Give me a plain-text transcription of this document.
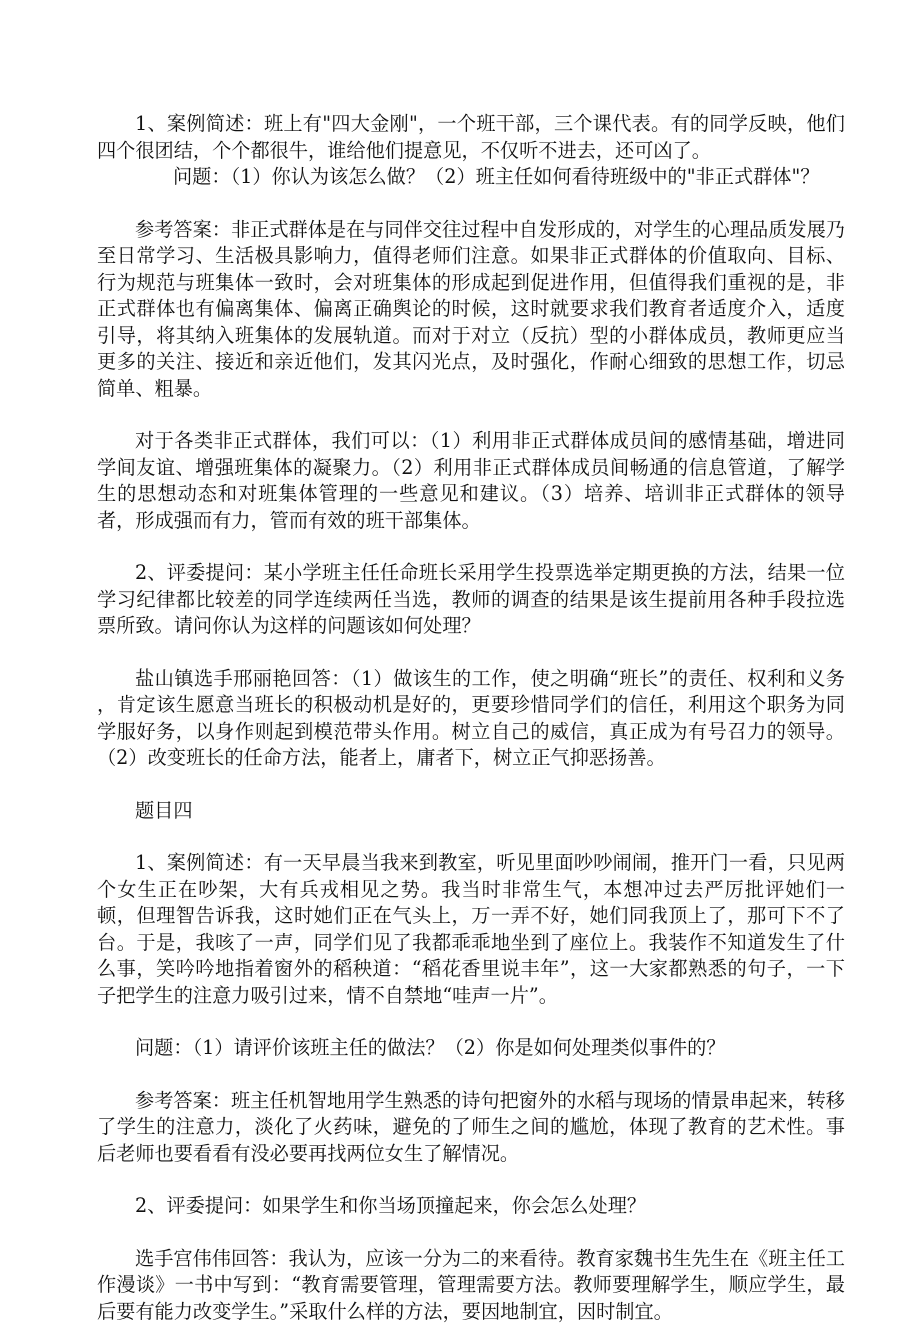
1、案例简述：班上有"四大金刚"，一个班干部，三个课代表。有的同学反映，他们四个很团结，个个都很牛，谁给他们提意见，不仅听不进去，还可凶了。

问题：（1）你认为该怎么做？（2）班主任如何看待班级中的"非正式群体"？

参考答案：非正式群体是在与同伴交往过程中自发形成的，对学生的心理品质发展乃至日常学习、生活极具影响力，值得老师们注意。如果非正式群体的价值取向、目标、行为规范与班集体一致时，会对班集体的形成起到促进作用，但值得我们重视的是，非正式群体也有偏离集体、偏离正确舆论的时候，这时就要求我们教育者适度介入，适度引导，将其纳入班集体的发展轨道。而对于对立（反抗）型的小群体成员，教师更应当更多的关注、接近和亲近他们，发其闪光点，及时强化，作耐心细致的思想工作，切忌简单、粗暴。

对于各类非正式群体，我们可以：（1）利用非正式群体成员间的感情基础，增进同学间友谊、增强班集体的凝聚力。（2）利用非正式群体成员间畅通的信息管道，了解学生的思想动态和对班集体管理的一些意见和建议。（3）培养、培训非正式群体的领导者，形成强而有力，管而有效的班干部集体。

2、评委提问：某小学班主任任命班长采用学生投票选举定期更换的方法，结果一位学习纪律都比较差的同学连续两任当选，教师的调查的结果是该生提前用各种手段拉选票所致。请问你认为这样的问题该如何处理？

盐山镇选手邢丽艳回答：（1）做该生的工作，使之明确“班长”的责任、权利和义务 ，肯定该生愿意当班长的积极动机是好的，更要珍惜同学们的信任，利用这个职务为同学服好务，以身作则起到模范带头作用。树立自己的威信，真正成为有号召力的领导。（2）改变班长的任命方法，能者上，庸者下，树立正气抑恶扬善。

题目四

1、案例简述：有一天早晨当我来到教室，听见里面吵吵闹闹，推开门一看，只见两个女生正在吵架，大有兵戎相见之势。我当时非常生气，本想冲过去严厉批评她们一顿，但理智告诉我，这时她们正在气头上，万一弄不好，她们同我顶上了，那可下不了台。于是，我咳了一声，同学们见了我都乖乖地坐到了座位上。我装作不知道发生了什么事，笑吟吟地指着窗外的稻秧道：“稻花香里说丰年”，这一大家都熟悉的句子，一下子把学生的注意力吸引过来，情不自禁地“哇声一片”。

问题：（1）请评价该班主任的做法？（2）你是如何处理类似事件的？

参考答案：班主任机智地用学生熟悉的诗句把窗外的水稻与现场的情景串起来，转移了学生的注意力，淡化了火药味，避免的了师生之间的尴尬，体现了教育的艺术性。事后老师也要看看有没必要再找两位女生了解情况。

2、评委提问：如果学生和你当场顶撞起来，你会怎么处理？

选手宫伟伟回答：我认为，应该一分为二的来看待。教育家魏书生先生在《班主任工作漫谈》一书中写到：“教育需要管理，管理需要方法。教师要理解学生，顺应学生，最后要有能力改变学生。”采取什么样的方法，要因地制宜，因时制宜。
